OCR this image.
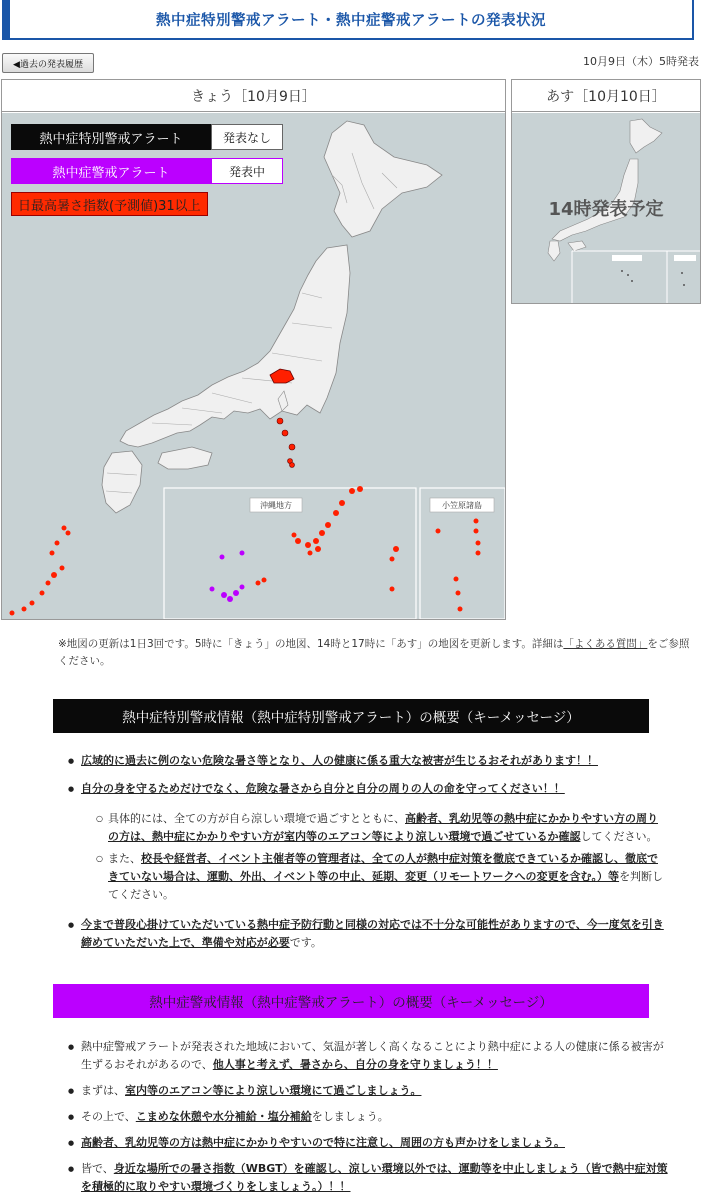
熱中症特別警戒アラート・熱中症警戒アラートの発表状況
◀過去の発表履歴	10月9日（木）5時発表
きょう［10月9日］
沖縄地方	小笠原諸島
熱中症特別警戒アラート	発表なし
熱中症警戒アラート	発表中
日最高暑さ指数(予測値)31以上
あす［10月10日］
14時発表予定
※地図の更新は1日3回です。5時に「きょう」の地図、14時と17時に「あす」の地図を更新します。詳細は「よくある質問」をご参照ください。
熱中症特別警戒情報（熱中症特別警戒アラート）の概要（キーメッセージ）
● 広域的に過去に例のない危険な暑さ等となり、人の健康に係る重大な被害が生じるおそれがあります！！
● 自分の身を守るためだけでなく、危険な暑さから自分と自分の周りの人の命を守ってください！！
○ 具体的には、全ての方が自ら涼しい環境で過ごすとともに、高齢者、乳幼児等の熱中症にかかりやすい方の周りの方は、熱中症にかかりやすい方が室内等のエアコン等により涼しい環境で過ごせているか確認してください。
○ また、校長や経営者、イベント主催者等の管理者は、全ての人が熱中症対策を徹底できているか確認し、徹底できていない場合は、運動、外出、イベント等の中止、延期、変更（リモートワークへの変更を含む。）等を判断してください。
● 今まで普段心掛けていただいている熱中症予防行動と同様の対応では不十分な可能性がありますので、今一度気を引き締めていただいた上で、準備や対応が必要です。
熱中症警戒情報（熱中症警戒アラート）の概要（キーメッセージ）
● 熱中症警戒アラートが発表された地域において、気温が著しく高くなることにより熱中症による人の健康に係る被害が生ずるおそれがあるので、他人事と考えず、暑さから、自分の身を守りましょう！！
● まずは、室内等のエアコン等により涼しい環境にて過ごしましょう。
● その上で、こまめな休憩や水分補給・塩分補給をしましょう。
● 高齢者、乳幼児等の方は熱中症にかかりやすいので特に注意し、周囲の方も声かけをしましょう。
● 皆で、身近な場所での暑さ指数（WBGT）を確認し、涼しい環境以外では、運動等を中止しましょう（皆で熱中症対策を積極的に取りやすい環境づくりをしましょう。）！！
